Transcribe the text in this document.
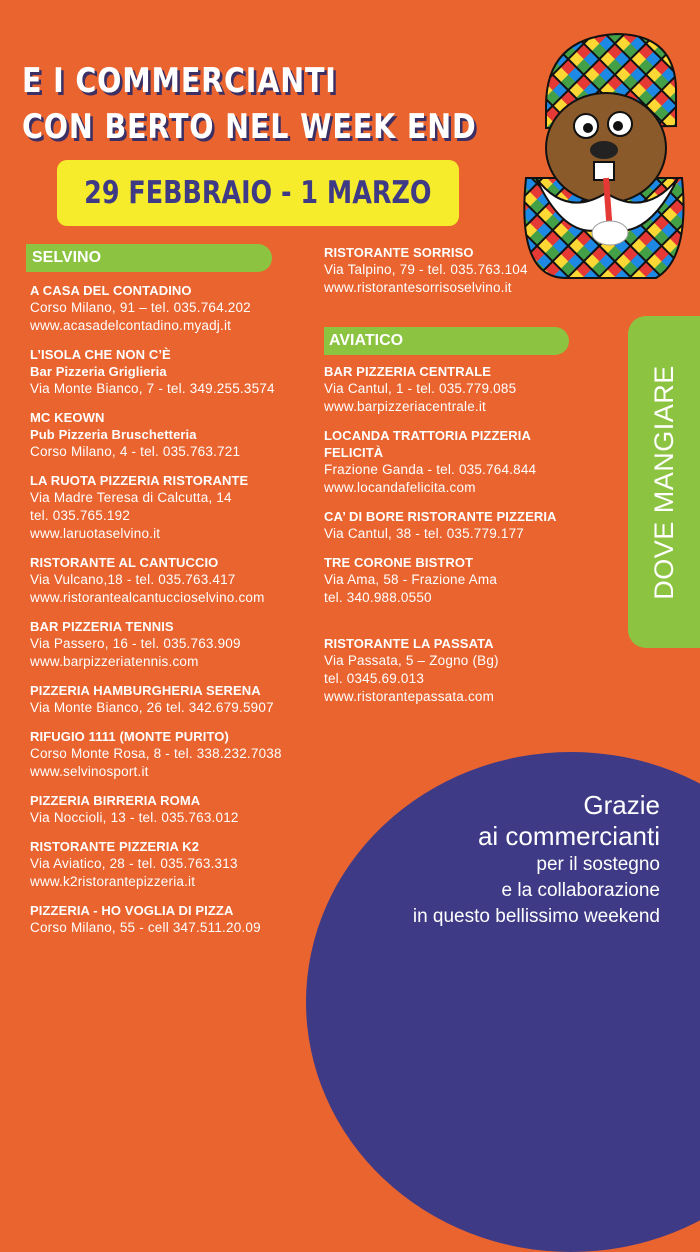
E I COMMERCIANTI
CON BERTO NEL WEEK END
29 FEBBRAIO - 1 MARZO
SELVINO
A CASA DEL CONTADINO
Corso Milano, 91 – tel. 035.764.202
www.acasadelcontadino.myadj.it
L’ISOLA CHE NON C’È
Bar Pizzeria Griglieria
Via Monte Bianco, 7 - tel. 349.255.3574
MC KEOWN
Pub Pizzeria Bruschetteria
Corso Milano, 4 - tel. 035.763.721
LA RUOTA PIZZERIA RISTORANTE
Via Madre Teresa di Calcutta, 14
tel. 035.765.192
www.laruotaselvino.it
RISTORANTE AL CANTUCCIO
Via Vulcano,18 - tel. 035.763.417
www.ristorantealcantuccioselvino.com
BAR PIZZERIA TENNIS
Via Passero, 16 - tel. 035.763.909
www.barpizzeriatennis.com
PIZZERIA HAMBURGHERIA SERENA
Via Monte Bianco, 26 tel. 342.679.5907
RIFUGIO 1111 (MONTE PURITO)
Corso Monte Rosa, 8 - tel. 338.232.7038
www.selvinosport.it
PIZZERIA BIRRERIA ROMA
Via Noccioli, 13 - tel. 035.763.012
RISTORANTE PIZZERIA K2
Via Aviatico, 28 - tel. 035.763.313
www.k2ristorantepizzeria.it
PIZZERIA - HO VOGLIA DI PIZZA
Corso Milano, 55 - cell 347.511.20.09
RISTORANTE SORRISO
Via Talpino, 79 - tel. 035.763.104
www.ristorantesorrisoselvino.it
AVIATICO
BAR PIZZERIA CENTRALE
Via Cantul, 1 - tel. 035.779.085
www.barpizzeriacentrale.it
LOCANDA TRATTORIA PIZZERIA
FELICITÀ
Frazione Ganda - tel. 035.764.844
www.locandafelicita.com
CA’ DI BORE RISTORANTE PIZZERIA
Via Cantul, 38 - tel. 035.779.177
TRE CORONE BISTROT
Via Ama, 58 - Frazione Ama
tel. 340.988.0550
RISTORANTE LA PASSATA
Via Passata, 5 – Zogno (Bg)
tel. 0345.69.013
www.ristorantepassata.com
DOVE MANGIARE
Grazie
ai commercianti
per il sostegno
e la collaborazione
in questo bellissimo weekend
